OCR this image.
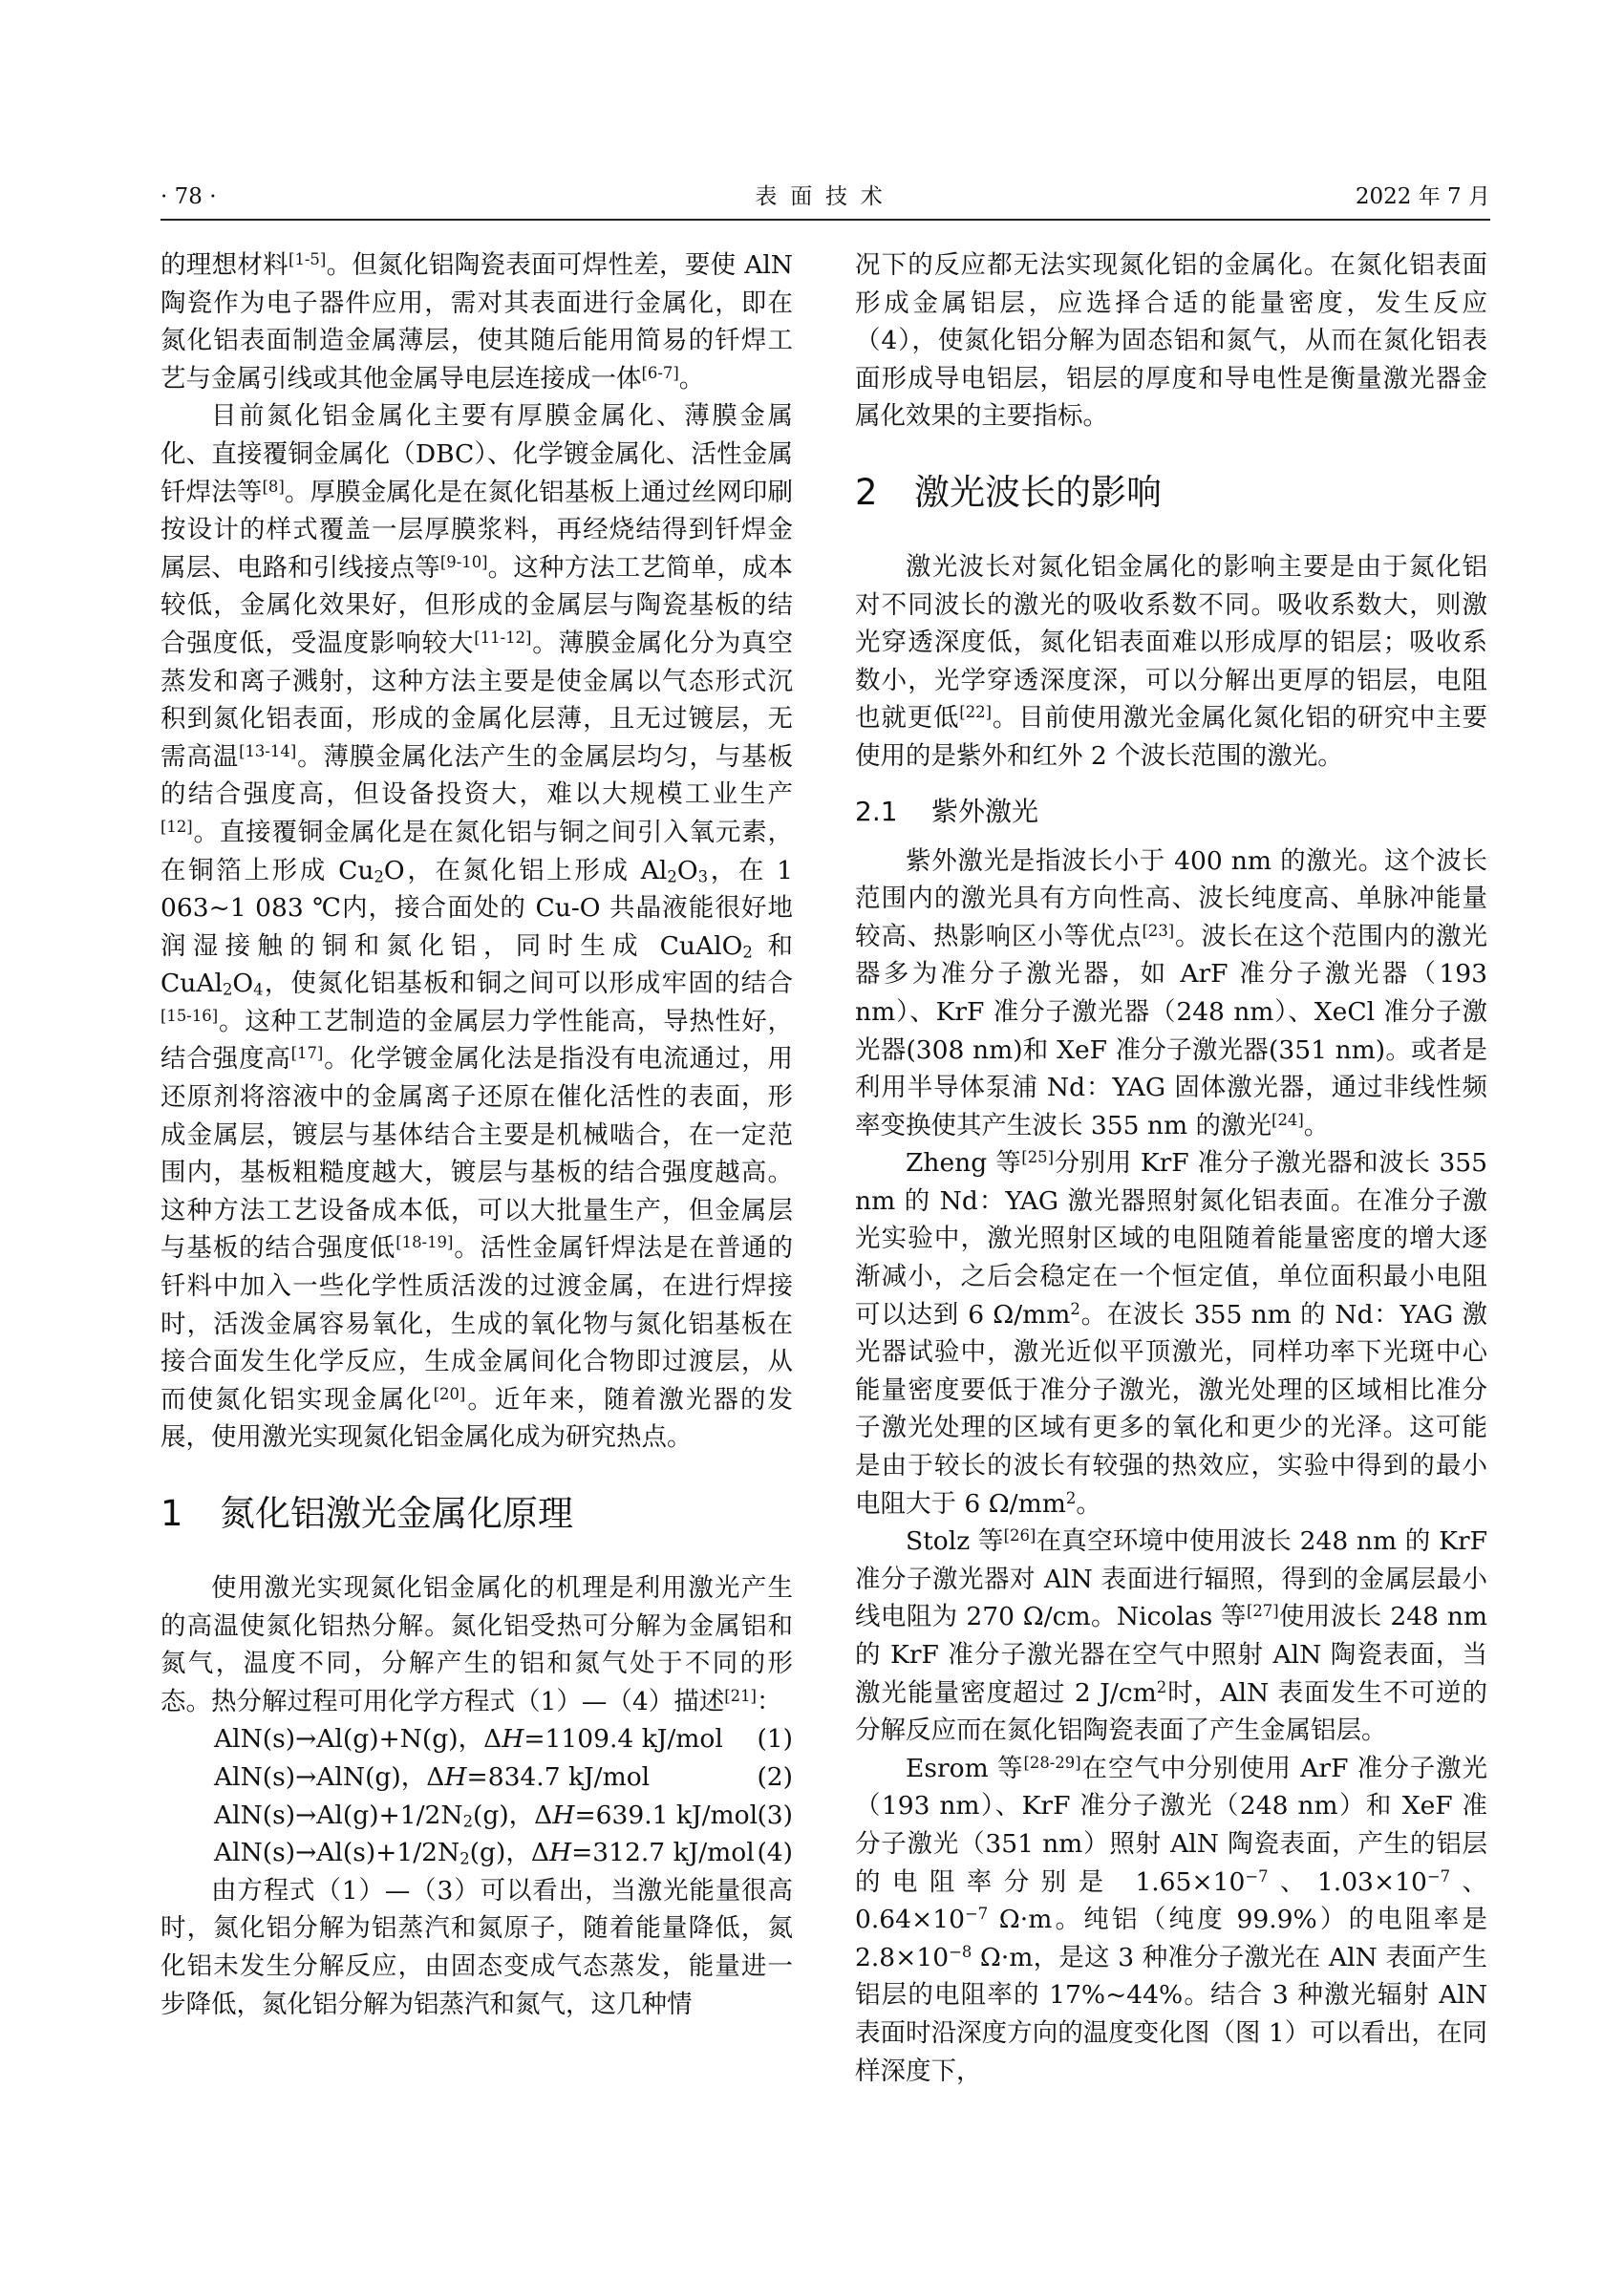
· 78 ·	表面技术	2022 年 7 月

的理想材料[1-5]。但氮化铝陶瓷表面可焊性差，要使 AlN 陶瓷作为电子器件应用，需对其表面进行金属化，即在氮化铝表面制造金属薄层，使其随后能用简易的钎焊工艺与金属引线或其他金属导电层连接成一体[6-7]。

目前氮化铝金属化主要有厚膜金属化、薄膜金属化、直接覆铜金属化（DBC）、化学镀金属化、活性金属钎焊法等[8]。厚膜金属化是在氮化铝基板上通过丝网印刷按设计的样式覆盖一层厚膜浆料，再经烧结得到钎焊金属层、电路和引线接点等[9-10]。这种方法工艺简单，成本较低，金属化效果好，但形成的金属层与陶瓷基板的结合强度低，受温度影响较大[11-12]。薄膜金属化分为真空蒸发和离子溅射，这种方法主要是使金属以气态形式沉积到氮化铝表面，形成的金属化层薄，且无过镀层，无需高温[13-14]。薄膜金属化法产生的金属层均匀，与基板的结合强度高，但设备投资大，难以大规模工业生产[12]。直接覆铜金属化是在氮化铝与铜之间引入氧元素，在铜箔上形成 $Cu_2O$，在氮化铝上形成 $Al_2O_3$，在 1 063~1 083 ℃内，接合面处的 Cu-O 共晶液能很好地润湿接触的铜和氮化铝，同时生成 CuAlO$_2$ 和 $CuAl_2O_4$，使氮化铝基板和铜之间可以形成牢固的结合[15-16]。这种工艺制造的金属层力学性能高，导热性好，结合强度高[17]。化学镀金属化法是指没有电流通过，用还原剂将溶液中的金属离子还原在催化活性的表面，形成金属层，镀层与基体结合主要是机械啮合，在一定范围内，基板粗糙度越大，镀层与基板的结合强度越高。这种方法工艺设备成本低，可以大批量生产，但金属层与基板的结合强度低[18-19]。活性金属钎焊法是在普通的钎料中加入一些化学性质活泼的过渡金属，在进行焊接时，活泼金属容易氧化，生成的氧化物与氮化铝基板在接合面发生化学反应，生成金属间化合物即过渡层，从而使氮化铝实现金属化[20]。近年来，随着激光器的发展，使用激光实现氮化铝金属化成为研究热点。

1 氮化铝激光金属化原理

使用激光实现氮化铝金属化的机理是利用激光产生的高温使氮化铝热分解。氮化铝受热可分解为金属铝和氮气，温度不同，分解产生的铝和氮气处于不同的形态。热分解过程可用化学方程式（1）—（4）描述[21]：

AlN(s)→Al(g)+N(g)，ΔH=1109.4 kJ/mol (1)
AlN(s)→AlN(g)，ΔH=834.7 kJ/mol	(2)
$AlN(s)\to Al(g)+1/2N_2(g)$，ΔH=639.1 kJ/mol (3)
$AlN(s)\to Al(s)+1/2N_2(g)$，ΔH=312.7 kJ/mol (4)

由方程式（1）—（3）可以看出，当激光能量很高时，氮化铝分解为铝蒸汽和氮原子，随着能量降低，氮化铝未发生分解反应，由固态变成气态蒸发，能量进一步降低，氮化铝分解为铝蒸汽和氮气，这几种情

况下的反应都无法实现氮化铝的金属化。在氮化铝表面形成金属铝层，应选择合适的能量密度，发生反应（4），使氮化铝分解为固态铝和氮气，从而在氮化铝表面形成导电铝层，铝层的厚度和导电性是衡量激光器金属化效果的主要指标。

2 激光波长的影响

激光波长对氮化铝金属化的影响主要是由于氮化铝对不同波长的激光的吸收系数不同。吸收系数大，则激光穿透深度低，氮化铝表面难以形成厚的铝层；吸收系数小，光学穿透深度深，可以分解出更厚的铝层，电阻也就更低[22]。目前使用激光金属化氮化铝的研究中主要使用的是紫外和红外 2 个波长范围的激光。

2.1 紫外激光

紫外激光是指波长小于 400 nm 的激光。这个波长范围内的激光具有方向性高、波长纯度高、单脉冲能量较高、热影响区小等优点[23]。波长在这个范围内的激光器多为准分子激光器，如 ArF 准分子激光器（193 nm）、KrF 准分子激光器（248 nm）、XeCl 准分子激光器(308 nm)和 XeF 准分子激光器(351 nm)。或者是利用半导体泵浦 Nd：YAG 固体激光器，通过非线性频率变换使其产生波长 355 nm 的激光[24]。

Zheng 等[25]分别用 KrF 准分子激光器和波长 355 nm 的 Nd：YAG 激光器照射氮化铝表面。在准分子激光实验中，激光照射区域的电阻随着能量密度的增大逐渐减小，之后会稳定在一个恒定值，单位面积最小电阻可以达到 6 $\Omega/mm^2$。在波长 355 nm 的 Nd：YAG 激光器试验中，激光近似平顶激光，同样功率下光斑中心能量密度要低于准分子激光，激光处理的区域相比准分子激光处理的区域有更多的氧化和更少的光泽。这可能是由于较长的波长有较强的热效应，实验中得到的最小电阻大于 6 $\Omega/mm^2$。

Stolz 等[26]在真空环境中使用波长 248 nm 的 KrF 准分子激光器对 AlN 表面进行辐照，得到的金属层最小线电阻为 270 Ω/cm。Nicolas 等[27]使用波长 248 nm 的 KrF 准分子激光器在空气中照射 AlN 陶瓷表面，当激光能量密度超过 2 $J/cm^2$时，AlN 表面发生不可逆的分解反应而在氮化铝陶瓷表面了产生金属铝层。

Esrom 等[28-29]在空气中分别使用 ArF 准分子激光（193 nm）、KrF 准分子激光（248 nm）和 XeF 准分子激光（351 nm）照射 AlN 陶瓷表面，产生的铝层的电阻率分别是 $1.65\times 10^{-7}$、$1.03\times 10^{-7}$、$0.64\times 10^{-7}$ Ω·m。纯铝（纯度 99.9%）的电阻率是 $2.8\times 10^{-8}$ Ω·m，是这 3 种准分子激光在 AlN 表面产生铝层的电阻率的 17%~44%。结合 3 种激光辐射 AlN 表面时沿深度方向的温度变化图（图 1）可以看出，在同样深度下，
